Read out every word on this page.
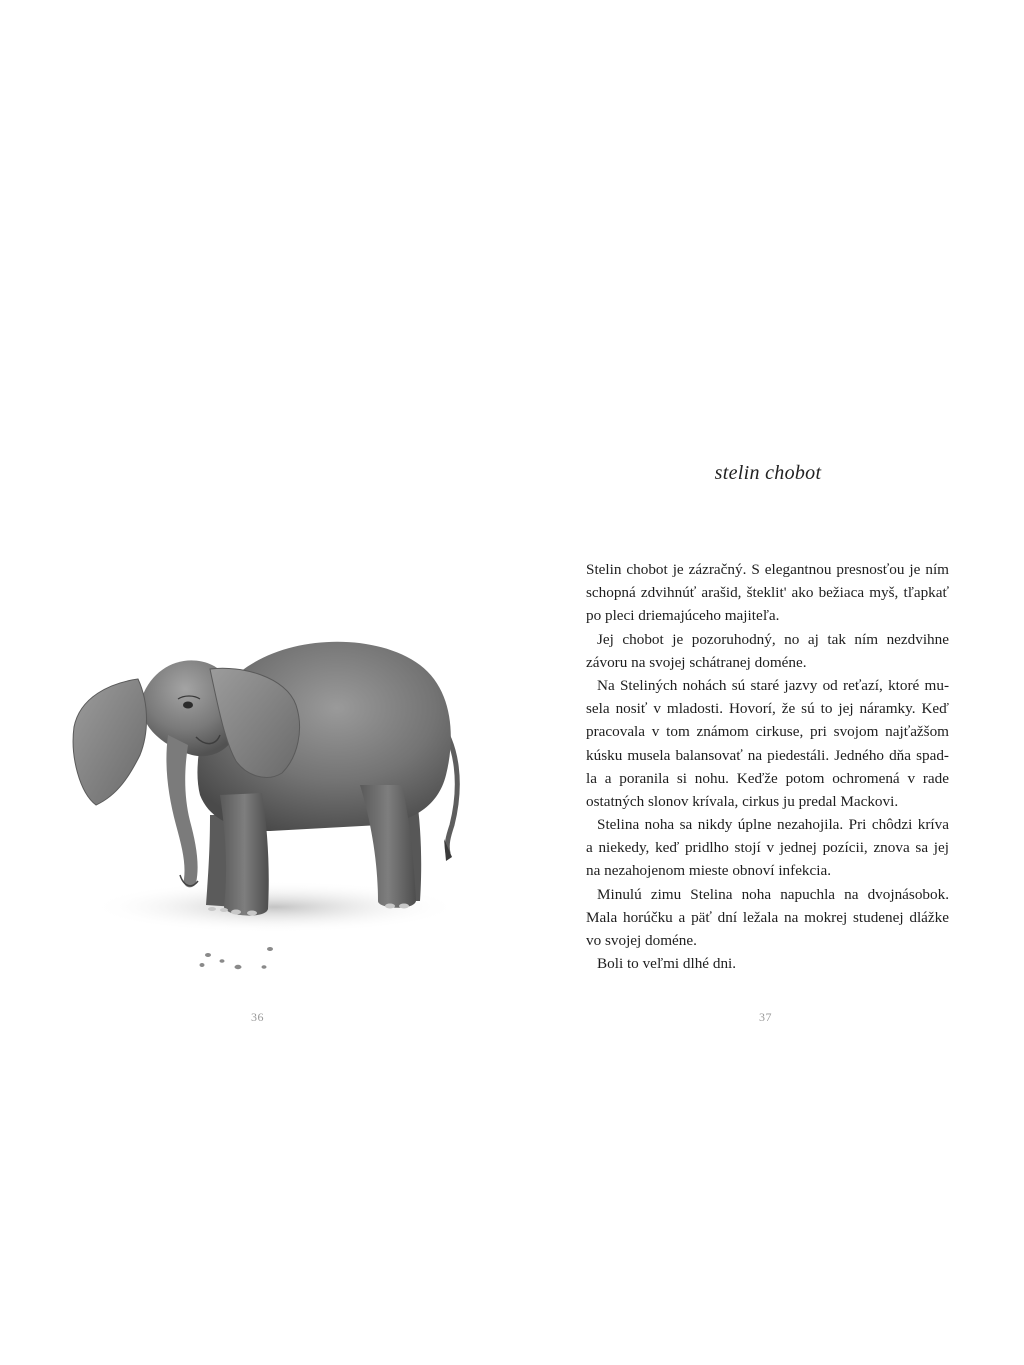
36
stelin chobot
Stelin chobot je zázračný. S elegantnou presnosťou je ním
schopná zdvihnúť arašid, šteklit' ako bežiaca myš, tľapkať
po pleci driemajúceho majiteľa.
Jej chobot je pozoruhodný, no aj tak ním nezdvihne
závoru na svojej schátranej doméne.
Na Steliných nohách sú staré jazvy od reťazí, ktoré mu-
sela nosiť v mladosti. Hovorí, že sú to jej náramky. Keď
pracovala v tom známom cirkuse, pri svojom najťažšom
kúsku musela balansovať na piedestáli. Jedného dňa spad-
la a poranila si nohu. Keďže potom ochromená v rade
ostatných slonov krívala, cirkus ju predal Mackovi.
Stelina noha sa nikdy úplne nezahojila. Pri chôdzi kríva
a niekedy, keď pridlho stojí v jednej pozícii, znova sa jej
na nezahojenom mieste obnoví infekcia.
Minulú zimu Stelina noha napuchla na dvojnásobok.
Mala horúčku a päť dní ležala na mokrej studenej dlážke
vo svojej doméne.
Boli to veľmi dlhé dni.
37
